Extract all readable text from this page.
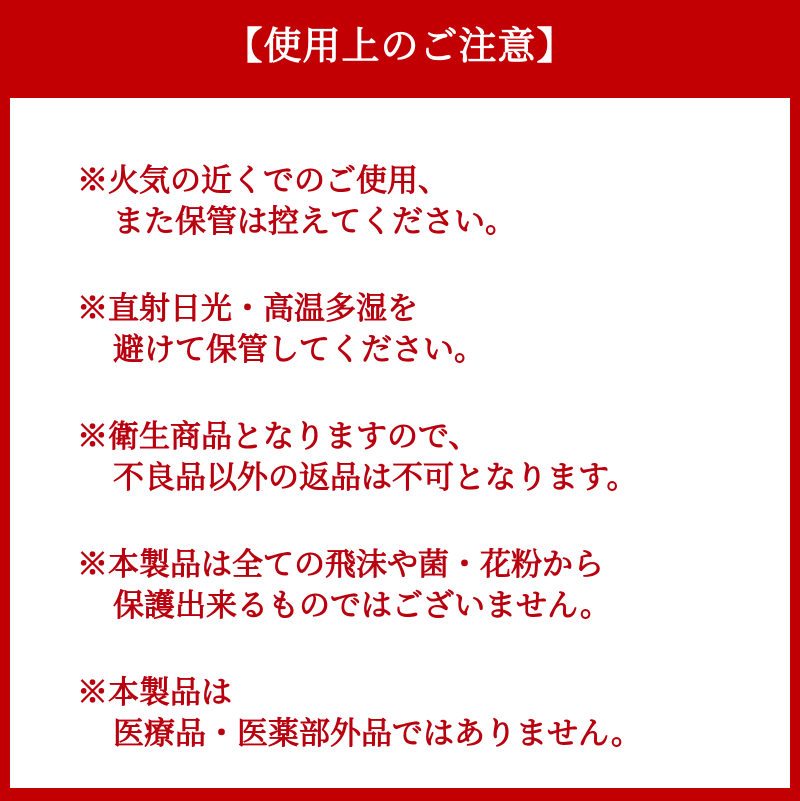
【使用上のご注意】
※火気の近くでのご使用、
また保管は控えてください。
※直射日光・高温多湿を
避けて保管してください。
※衛生商品となりますので、
不良品以外の返品は不可となります。
※本製品は全ての飛沫や菌・花粉から
保護出来るものではございません。
※本製品は
医療品・医薬部外品ではありません。
